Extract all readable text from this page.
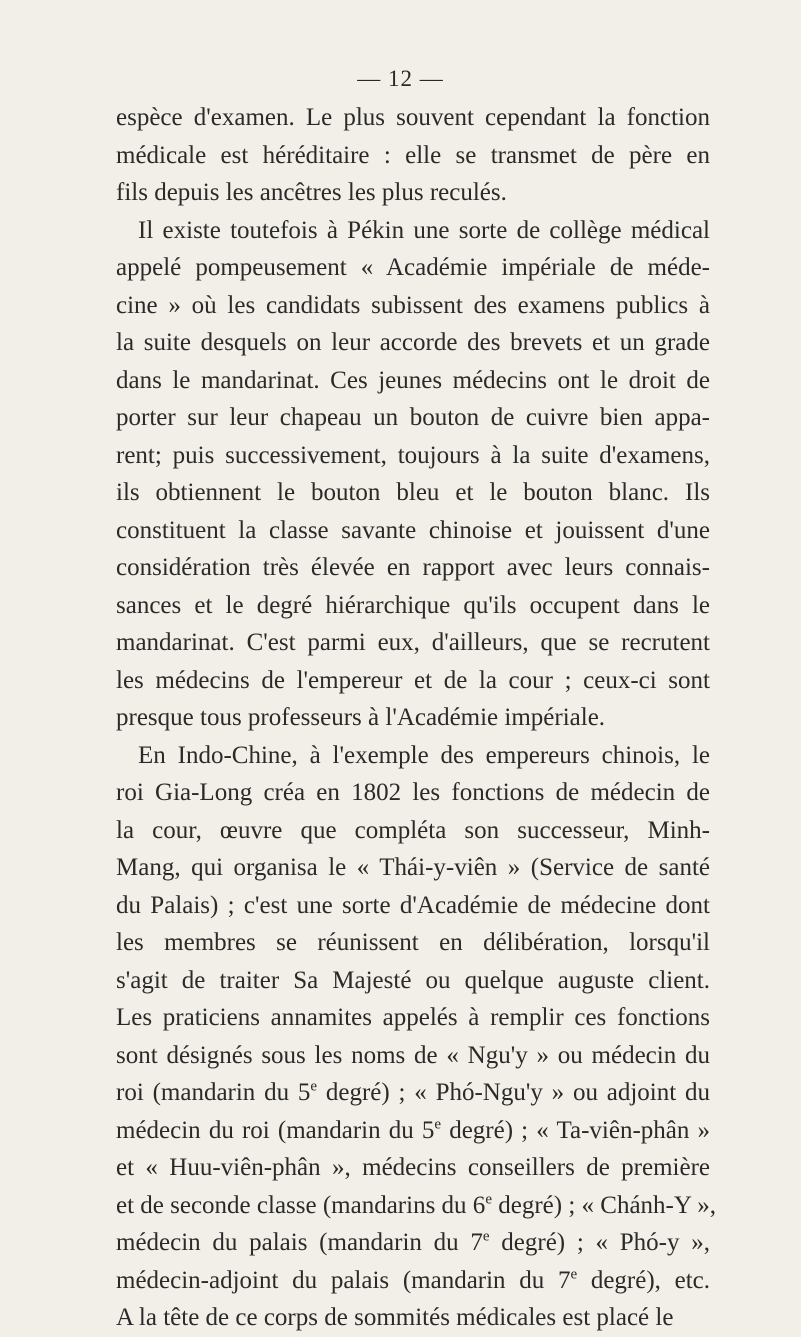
— 12 —
espèce d'examen. Le plus souvent cependant la fonction
médicale est héréditaire : elle se transmet de père en
fils depuis les ancêtres les plus reculés.
Il existe toutefois à Pékin une sorte de collège médical
appelé pompeusement « Académie impériale de méde-
cine » où les candidats subissent des examens publics à
la suite desquels on leur accorde des brevets et un grade
dans le mandarinat. Ces jeunes médecins ont le droit de
porter sur leur chapeau un bouton de cuivre bien appa-
rent; puis successivement, toujours à la suite d'examens,
ils obtiennent le bouton bleu et le bouton blanc. Ils
constituent la classe savante chinoise et jouissent d'une
considération très élevée en rapport avec leurs connais-
sances et le degré hiérarchique qu'ils occupent dans le
mandarinat. C'est parmi eux, d'ailleurs, que se recrutent
les médecins de l'empereur et de la cour ; ceux-ci sont
presque tous professeurs à l'Académie impériale.
En Indo-Chine, à l'exemple des empereurs chinois, le
roi Gia-Long créa en 1802 les fonctions de médecin de
la cour, œuvre que compléta son successeur, Minh-
Mang, qui organisa le « Thái-y-viên » (Service de santé
du Palais) ; c'est une sorte d'Académie de médecine dont
les membres se réunissent en délibération, lorsqu'il
s'agit de traiter Sa Majesté ou quelque auguste client.
Les praticiens annamites appelés à remplir ces fonctions
sont désignés sous les noms de « Ngu'y » ou médecin du
roi (mandarin du 5e degré) ; « Phó-Ngu'y » ou adjoint du
médecin du roi (mandarin du 5e degré) ; « Ta-viên-phân »
et « Huu-viên-phân », médecins conseillers de première
et de seconde classe (mandarins du 6e degré) ; « Chánh-Y »,
médecin du palais (mandarin du 7e degré) ; « Phó-y »,
médecin-adjoint du palais (mandarin du 7e degré), etc.
A la tête de ce corps de sommités médicales est placé le
